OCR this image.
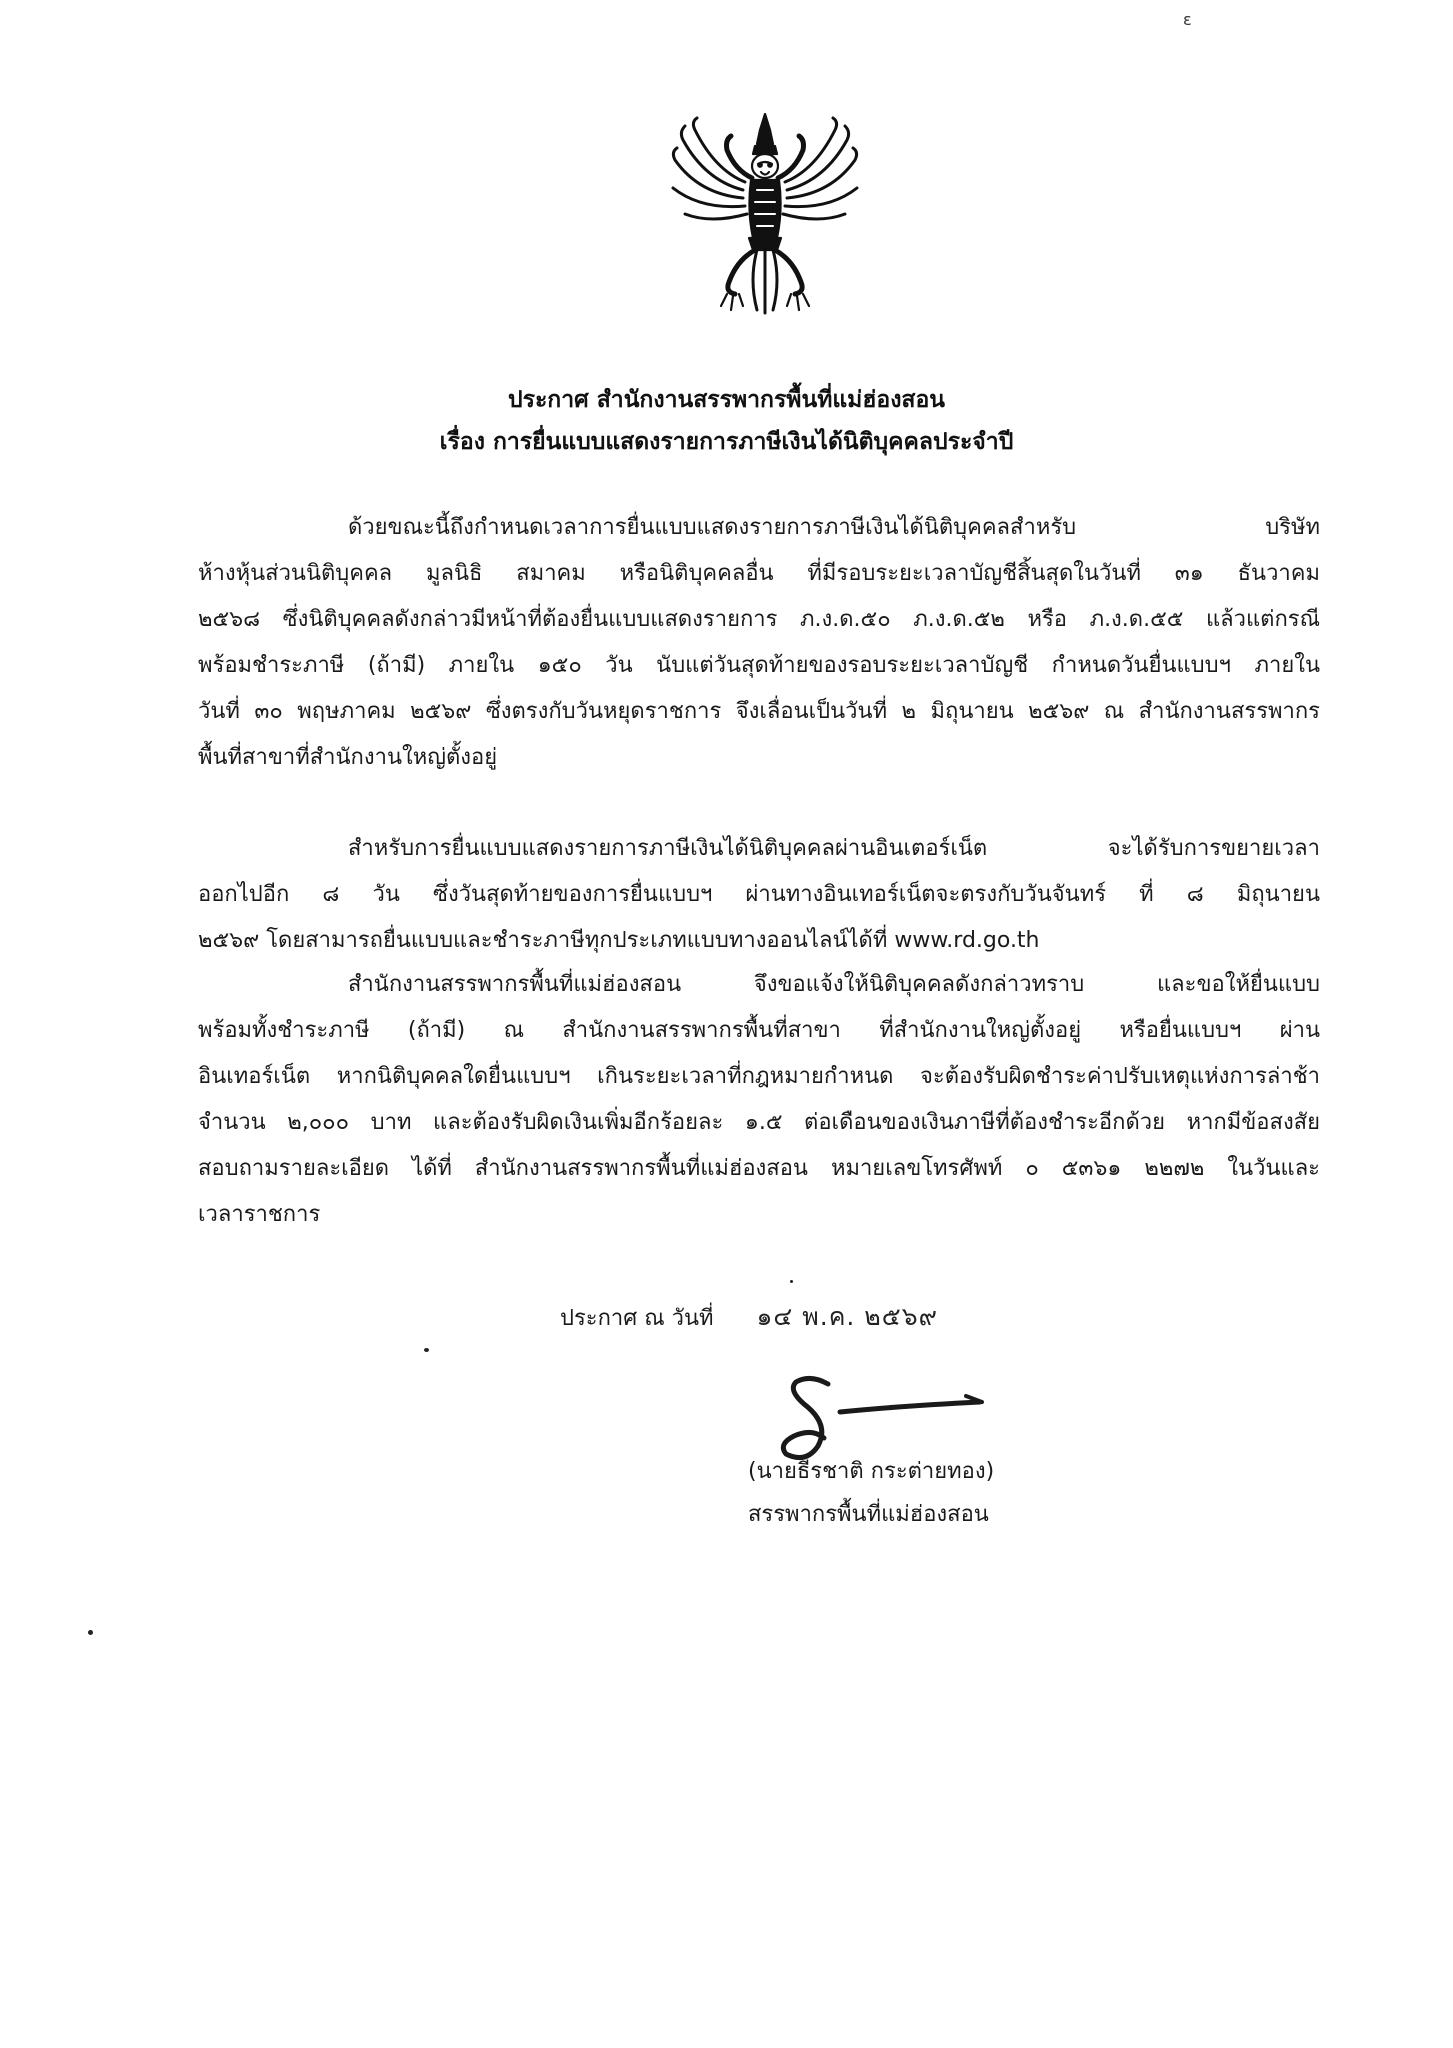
ɛ
ประกาศ สำนักงานสรรพากรพื้นที่แม่ฮ่องสอน
เรื่อง การยื่นแบบแสดงรายการภาษีเงินได้นิติบุคคลประจำปี
ด้วยขณะนี้ถึงกำหนดเวลาการยื่นแบบแสดงรายการภาษีเงินได้นิติบุคคลสำหรับ บริษัท
ห้างหุ้นส่วนนิติบุคคล มูลนิธิ สมาคม หรือนิติบุคคลอื่น ที่มีรอบระยะเวลาบัญชีสิ้นสุดในวันที่ ๓๑ ธันวาคม
๒๕๖๘ ซึ่งนิติบุคคลดังกล่าวมีหน้าที่ต้องยื่นแบบแสดงรายการ ภ.ง.ด.๕๐ ภ.ง.ด.๕๒ หรือ ภ.ง.ด.๕๕ แล้วแต่กรณี
พร้อมชำระภาษี (ถ้ามี) ภายใน ๑๕๐ วัน นับแต่วันสุดท้ายของรอบระยะเวลาบัญชี กำหนดวันยื่นแบบฯ ภายใน
วันที่ ๓๐ พฤษภาคม ๒๕๖๙ ซึ่งตรงกับวันหยุดราชการ จึงเลื่อนเป็นวันที่ ๒ มิถุนายน ๒๕๖๙ ณ สำนักงานสรรพากร
พื้นที่สาขาที่สำนักงานใหญ่ตั้งอยู่
สำหรับการยื่นแบบแสดงรายการภาษีเงินได้นิติบุคคลผ่านอินเตอร์เน็ต จะได้รับการขยายเวลา
ออกไปอีก ๘ วัน ซึ่งวันสุดท้ายของการยื่นแบบฯ ผ่านทางอินเทอร์เน็ตจะตรงกับวันจันทร์ ที่ ๘ มิถุนายน
๒๕๖๙ โดยสามารถยื่นแบบและชำระภาษีทุกประเภทแบบทางออนไลน์ได้ที่ www.rd.go.th
สำนักงานสรรพากรพื้นที่แม่ฮ่องสอน จึงขอแจ้งให้นิติบุคคลดังกล่าวทราบ และขอให้ยื่นแบบ
พร้อมทั้งชำระภาษี (ถ้ามี) ณ สำนักงานสรรพากรพื้นที่สาขา ที่สำนักงานใหญ่ตั้งอยู่ หรือยื่นแบบฯ ผ่าน
อินเทอร์เน็ต หากนิติบุคคลใดยื่นแบบฯ เกินระยะเวลาที่กฎหมายกำหนด จะต้องรับผิดชำระค่าปรับเหตุแห่งการล่าช้า
จำนวน ๒,๐๐๐ บาท และต้องรับผิดเงินเพิ่มอีกร้อยละ ๑.๕ ต่อเดือนของเงินภาษีที่ต้องชำระอีกด้วย หากมีข้อสงสัย
สอบถามรายละเอียด ได้ที่ สำนักงานสรรพากรพื้นที่แม่ฮ่องสอน หมายเลขโทรศัพท์ ๐ ๕๓๖๑ ๒๒๗๒ ในวันและ
เวลาราชการ
ประกาศ ณ วันที่ ๑๔ พ.ค. ๒๕๖๙
(นายธีรชาติ กระต่ายทอง)
สรรพากรพื้นที่แม่ฮ่องสอน
